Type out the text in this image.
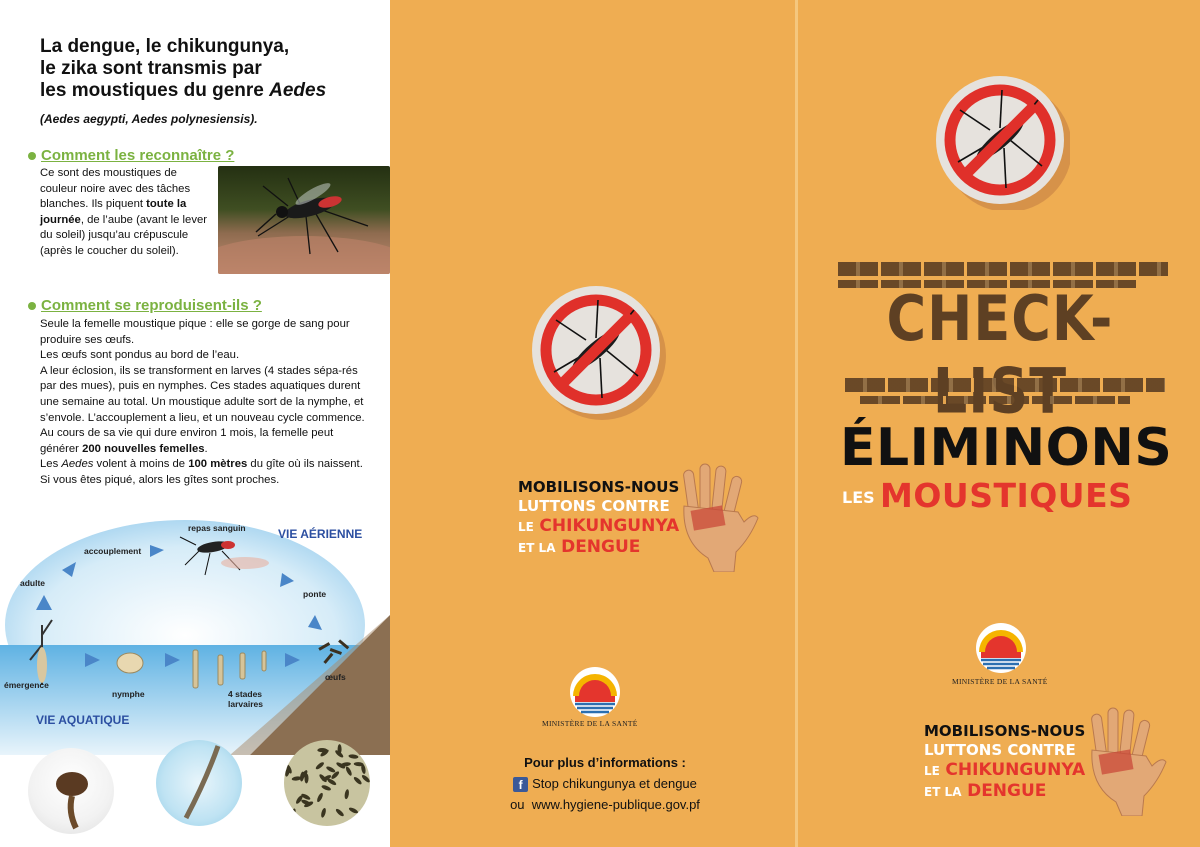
La dengue, le chikungunya,
le zika sont transmis par
les moustiques du genre Aedes
(Aedes aegypti, Aedes polynesiensis).
Comment les reconnaître ?
Ce sont des moustiques de couleur noire avec des tâches blanches. Ils piquent toute la journée, de l’aube (avant le lever du soleil) jusqu’au crépuscule (après le coucher du soleil).
Comment se reproduisent-ils ?
Seule la femelle moustique pique : elle se gorge de sang pour produire ses œufs.
Les œufs sont pondus au bord de l’eau.
A leur éclosion, ils se transforment en larves (4 stades sépa-rés par des mues), puis en nymphes. Ces stades aquatiques durent une semaine au total. Un moustique adulte sort de la nymphe, et s’envole. L’accouplement a lieu, et un nouveau cycle commence.
Au cours de sa vie qui dure environ 1 mois, la femelle peut générer 200 nouvelles femelles.
Les Aedes volent à moins de 100 mètres du gîte où ils naissent. Si vous êtes piqué, alors les gîtes sont proches.
repas sanguin	VIE AÉRIENNE
accouplement
adulte
ponte
œufs
émergence
nymphe	4 stades
larvaires
VIE AQUATIQUE
MOBILISONS-NOUS
LUTTONS CONTRE
LE CHIKUNGUNYA
ET LA DENGUE
MINISTÈRE DE LA SANTÉ
Pour plus d’informations :
f Stop chikungunya et dengue
ou www.hygiene-publique.gov.pf
CHECK-
ÉLIMINONS
LES MOUSTIQUES
MINISTÈRE DE LA SANTÉ
MOBILISONS-NOUS
LUTTONS CONTRE
LE CHIKUNGUNYA
ET LA DENGUE
